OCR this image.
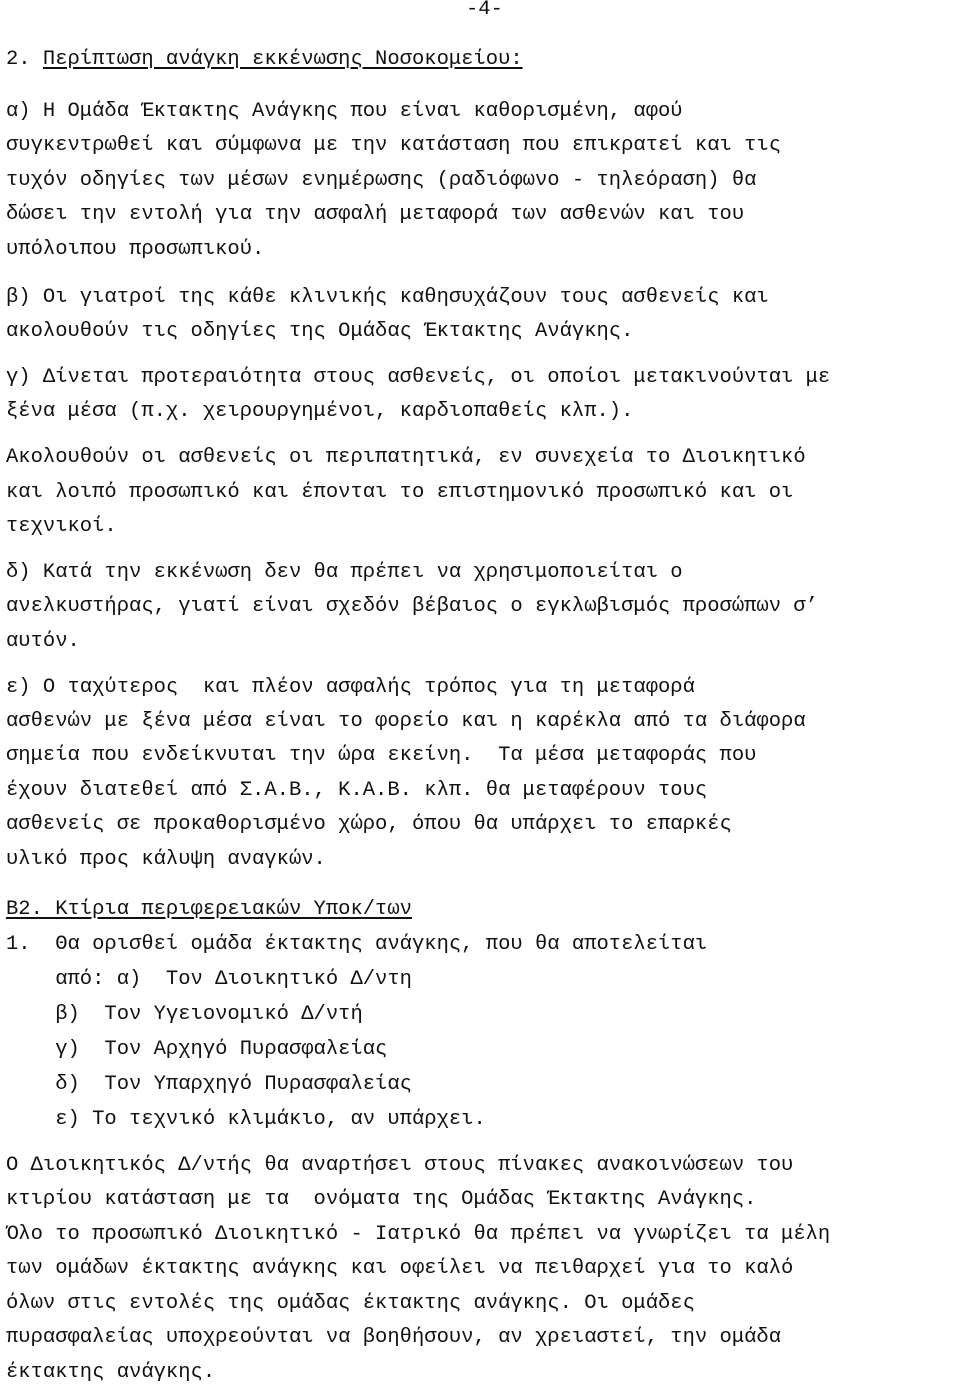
-4-
2. Περίπτωση ανάγκη εκκένωσης Νοσοκομείου:
α) Η Ομάδα Έκτακτης Ανάγκης που είναι καθορισμένη, αφού
συγκεντρωθεί και σύμφωνα με την κατάσταση που επικρατεί και τις
τυχόν οδηγίες των μέσων ενημέρωσης (ραδιόφωνο - τηλεόραση) θα
δώσει την εντολή για την ασφαλή μεταφορά των ασθενών και του
υπόλοιπου προσωπικού.
β) Οι γιατροί της κάθε κλινικής καθησυχάζουν τους ασθενείς και
ακολουθούν τις οδηγίες της Ομάδας Έκτακτης Ανάγκης.
γ) Δίνεται προτεραιότητα στους ασθενείς, οι οποίοι μετακινούνται με
ξένα μέσα (π.χ. χειρουργημένοι, καρδιοπαθείς κλπ.).
Ακολουθούν οι ασθενείς οι περιπατητικά, εν συνεχεία το Διοικητικό
και λοιπό προσωπικό και έπονται το επιστημονικό προσωπικό και οι
τεχνικοί.
δ) Κατά την εκκένωση δεν θα πρέπει να χρησιμοποιείται ο
ανελκυστήρας, γιατί είναι σχεδόν βέβαιος ο εγκλωβισμός προσώπων σ’
αυτόν.
ε) Ο ταχύτερος  και πλέον ασφαλής τρόπος για τη μεταφορά
ασθενών με ξένα μέσα είναι το φορείο και η καρέκλα από τα διάφορα
σημεία που ενδείκνυται την ώρα εκείνη.  Τα μέσα μεταφοράς που
έχουν διατεθεί από Σ.Α.Β., Κ.Α.Β. κλπ. θα μεταφέρουν τους
ασθενείς σε προκαθορισμένο χώρο, όπου θα υπάρχει το επαρκές
υλικό προς κάλυψη αναγκών.
Β2. Κτίρια περιφερειακών Υποκ/των
1.  Θα ορισθεί ομάδα έκτακτης ανάγκης, που θα αποτελείται
από: α)  Τον Διοικητικό Δ/ντη
β)  Τον Υγειονομικό Δ/ντή
γ)  Τον Αρχηγό Πυρασφαλείας
δ)  Τον Υπαρχηγό Πυρασφαλείας
ε) Το τεχνικό κλιμάκιο, αν υπάρχει.
Ο Διοικητικός Δ/ντής θα αναρτήσει στους πίνακες ανακοινώσεων του
κτιρίου κατάσταση με τα  ονόματα της Ομάδας Έκτακτης Ανάγκης.
Όλο το προσωπικό Διοικητικό - Ιατρικό θα πρέπει να γνωρίζει τα μέλη
των ομάδων έκτακτης ανάγκης και οφείλει να πειθαρχεί για το καλό
όλων στις εντολές της ομάδας έκτακτης ανάγκης. Οι ομάδες
πυρασφαλείας υποχρεούνται να βοηθήσουν, αν χρειαστεί, την ομάδα
έκτακτης ανάγκης.
